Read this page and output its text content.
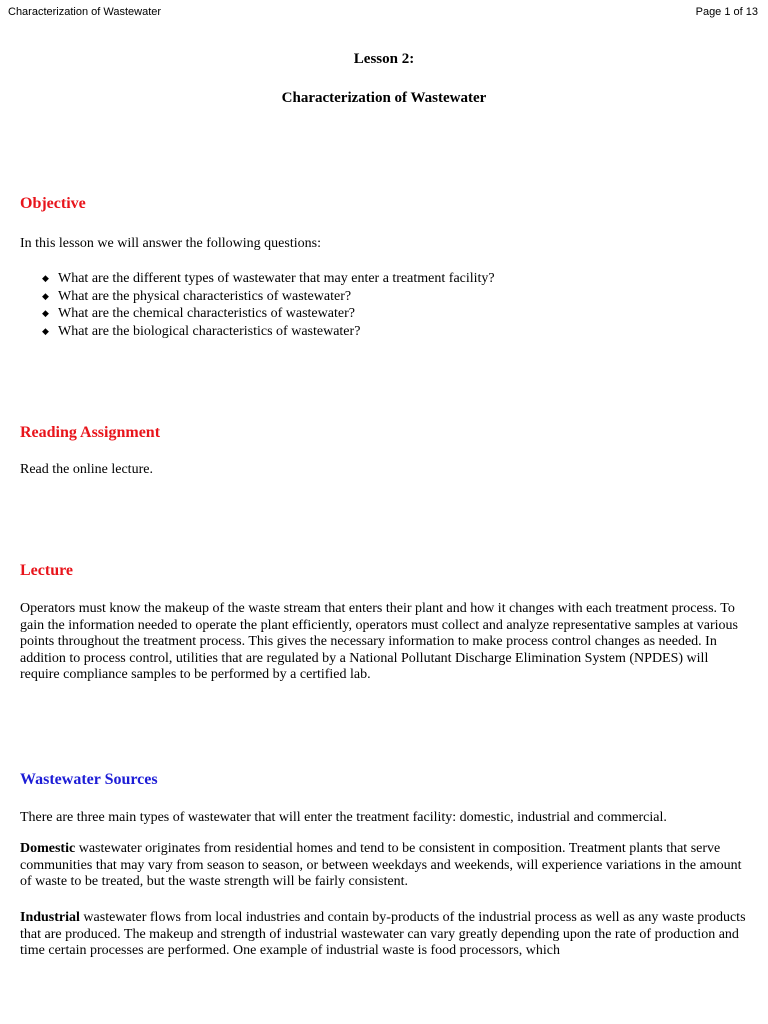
Characterization of Wastewater	Page 1 of 13
Lesson 2:
Characterization of Wastewater
Objective

In this lesson we will answer the following questions:

◆ What are the different types of wastewater that may enter a treatment facility?
◆ What are the physical characteristics of wastewater?
◆ What are the chemical characteristics of wastewater?
◆ What are the biological characteristics of wastewater?
Reading Assignment

Read the online lecture.

Lecture

Operators must know the makeup of the waste stream that enters their plant and how it changes with each treatment process. To gain the information needed to operate the plant efficiently, operators must collect and analyze representative samples at various points throughout the treatment process. This gives the necessary information to make process control changes as needed. In addition to process control, utilities that are regulated by a National Pollutant Discharge Elimination System (NPDES) will require compliance samples to be performed by a certified lab.

Wastewater Sources

There are three main types of wastewater that will enter the treatment facility: domestic, industrial and commercial.

Domestic wastewater originates from residential homes and tend to be consistent in composition. Treatment plants that serve communities that may vary from season to season, or between weekdays and weekends, will experience variations in the amount of waste to be treated, but the waste strength will be fairly consistent.

Industrial wastewater flows from local industries and contain by-products of the industrial process as well as any waste products that are produced. The makeup and strength of industrial wastewater can vary greatly depending upon the rate of production and time certain processes are performed. One example of industrial waste is food processors, which
